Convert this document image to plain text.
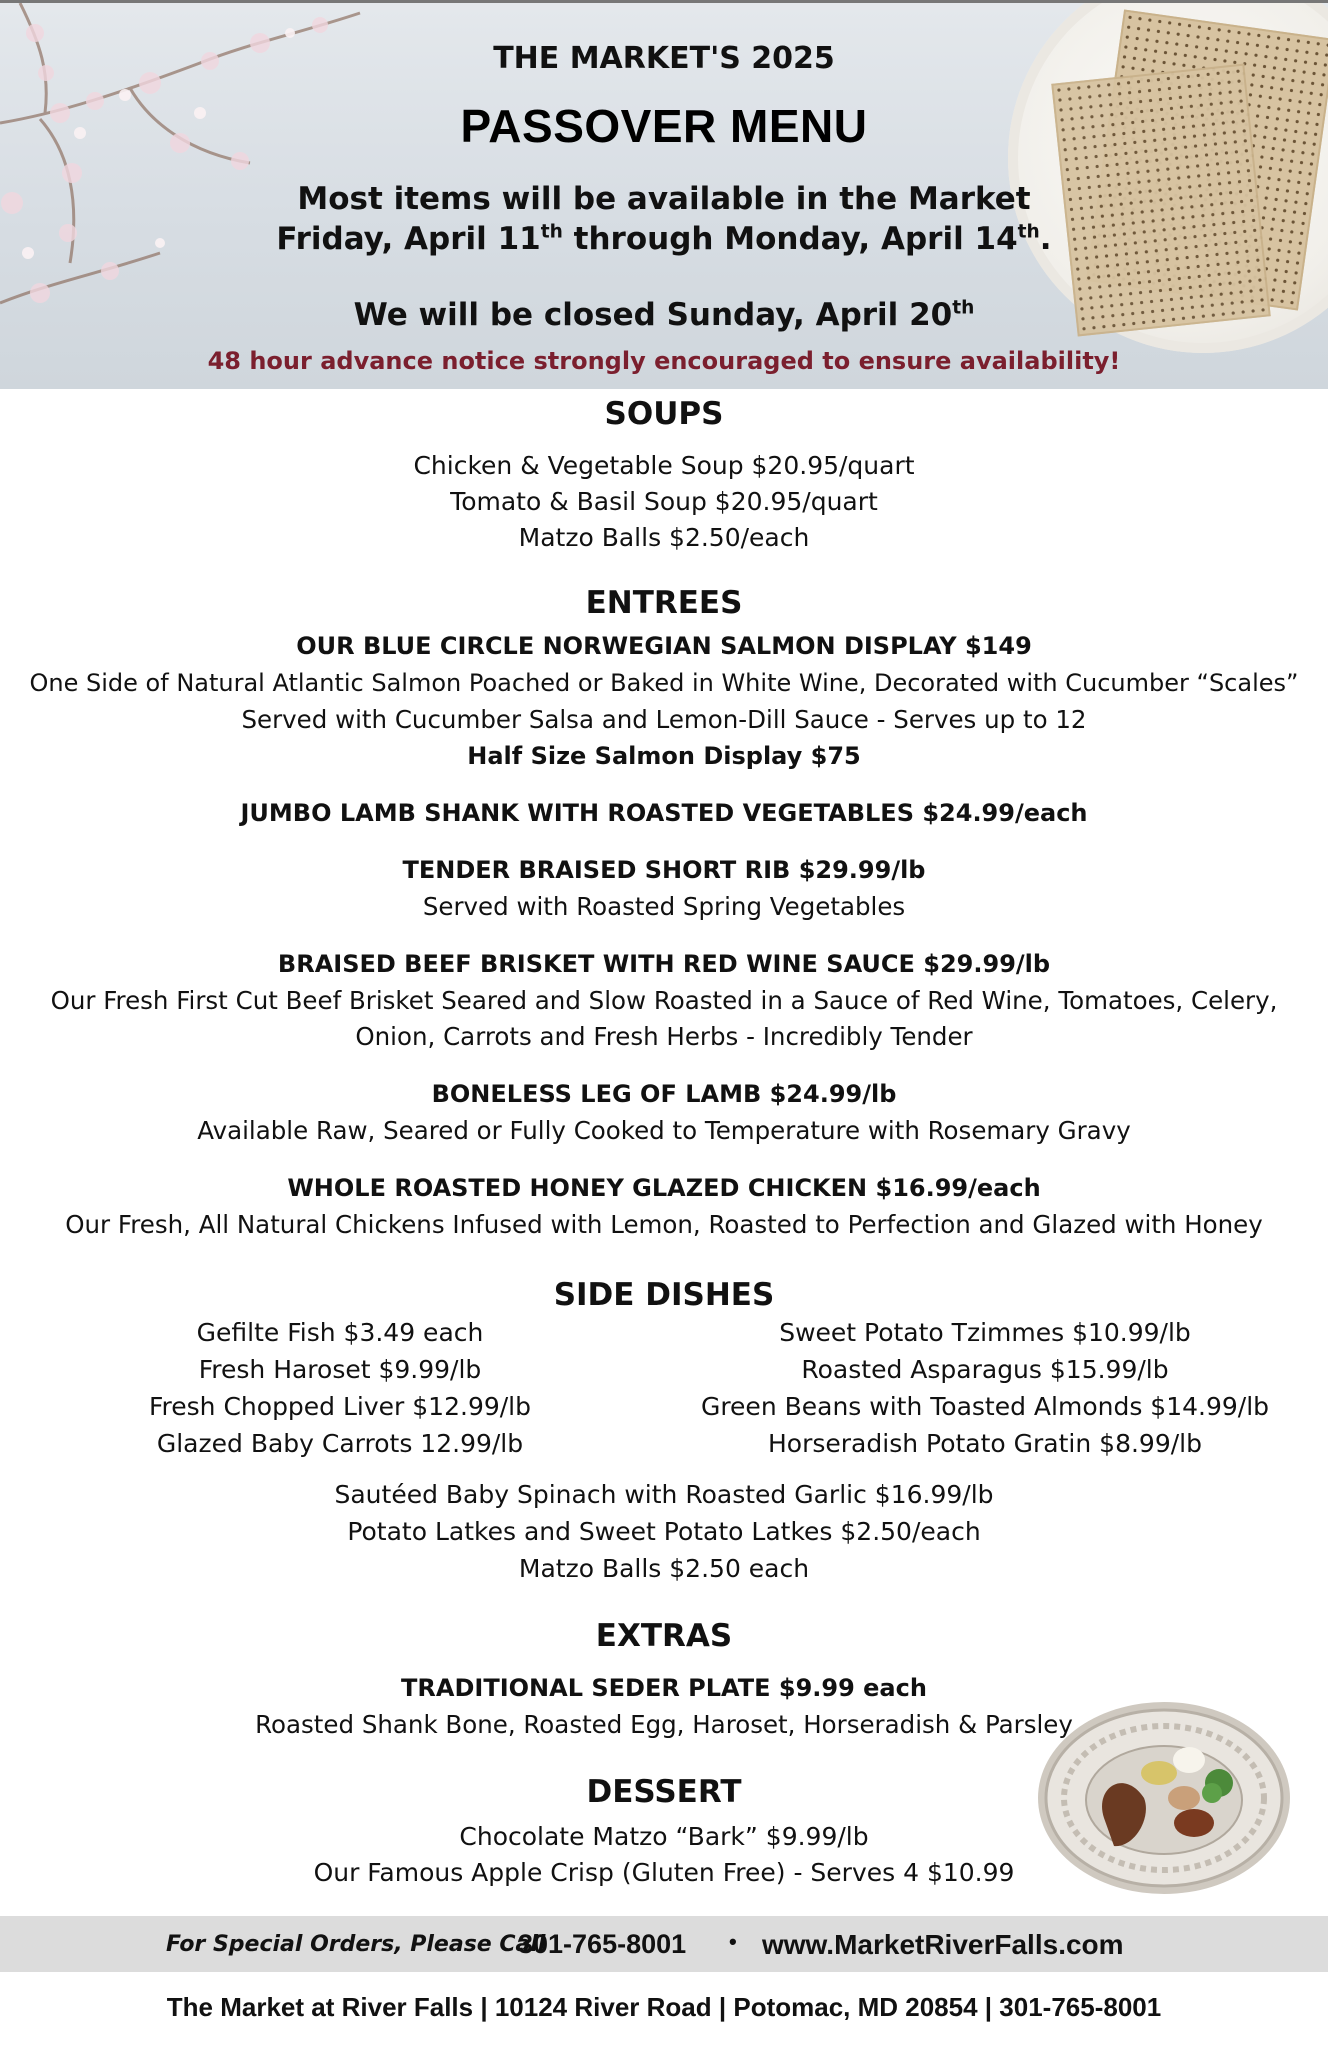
THE MARKET'S 2025
PASSOVER MENU
Most items will be available in the Market
Friday, April 11th through Monday, April 14th.
We will be closed Sunday, April 20th
48 hour advance notice strongly encouraged to ensure availability!
SOUPS
Chicken & Vegetable Soup $20.95/quart
Tomato & Basil Soup $20.95/quart
Matzo Balls $2.50/each
ENTREES
OUR BLUE CIRCLE NORWEGIAN SALMON DISPLAY $149
One Side of Natural Atlantic Salmon Poached or Baked in White Wine, Decorated with Cucumber “Scales”
Served with Cucumber Salsa and Lemon-Dill Sauce - Serves up to 12
Half Size Salmon Display $75
JUMBO LAMB SHANK WITH ROASTED VEGETABLES $24.99/each
TENDER BRAISED SHORT RIB $29.99/lb
Served with Roasted Spring Vegetables
BRAISED BEEF BRISKET WITH RED WINE SAUCE $29.99/lb
Our Fresh First Cut Beef Brisket Seared and Slow Roasted in a Sauce of Red Wine, Tomatoes, Celery,
Onion, Carrots and Fresh Herbs - Incredibly Tender
BONELESS LEG OF LAMB $24.99/lb
Available Raw, Seared or Fully Cooked to Temperature with Rosemary Gravy
WHOLE ROASTED HONEY GLAZED CHICKEN $16.99/each
Our Fresh, All Natural Chickens Infused with Lemon, Roasted to Perfection and Glazed with Honey
SIDE DISHES
Gefilte Fish $3.49 each
Fresh Haroset $9.99/lb
Fresh Chopped Liver $12.99/lb
Glazed Baby Carrots 12.99/lb
Sweet Potato Tzimmes $10.99/lb
Roasted Asparagus $15.99/lb
Green Beans with Toasted Almonds $14.99/lb
Horseradish Potato Gratin $8.99/lb
Sautéed Baby Spinach with Roasted Garlic $16.99/lb
Potato Latkes and Sweet Potato Latkes $2.50/each
Matzo Balls $2.50 each
EXTRAS
TRADITIONAL SEDER PLATE $9.99 each
Roasted Shank Bone, Roasted Egg, Haroset, Horseradish & Parsley
DESSERT
Chocolate Matzo “Bark” $9.99/lb
Our Famous Apple Crisp (Gluten Free) - Serves 4 $10.99
For Special Orders, Please Call
301-765-8001 • www.MarketRiverFalls.com
The Market at River Falls | 10124 River Road | Potomac, MD 20854 | 301-765-8001
